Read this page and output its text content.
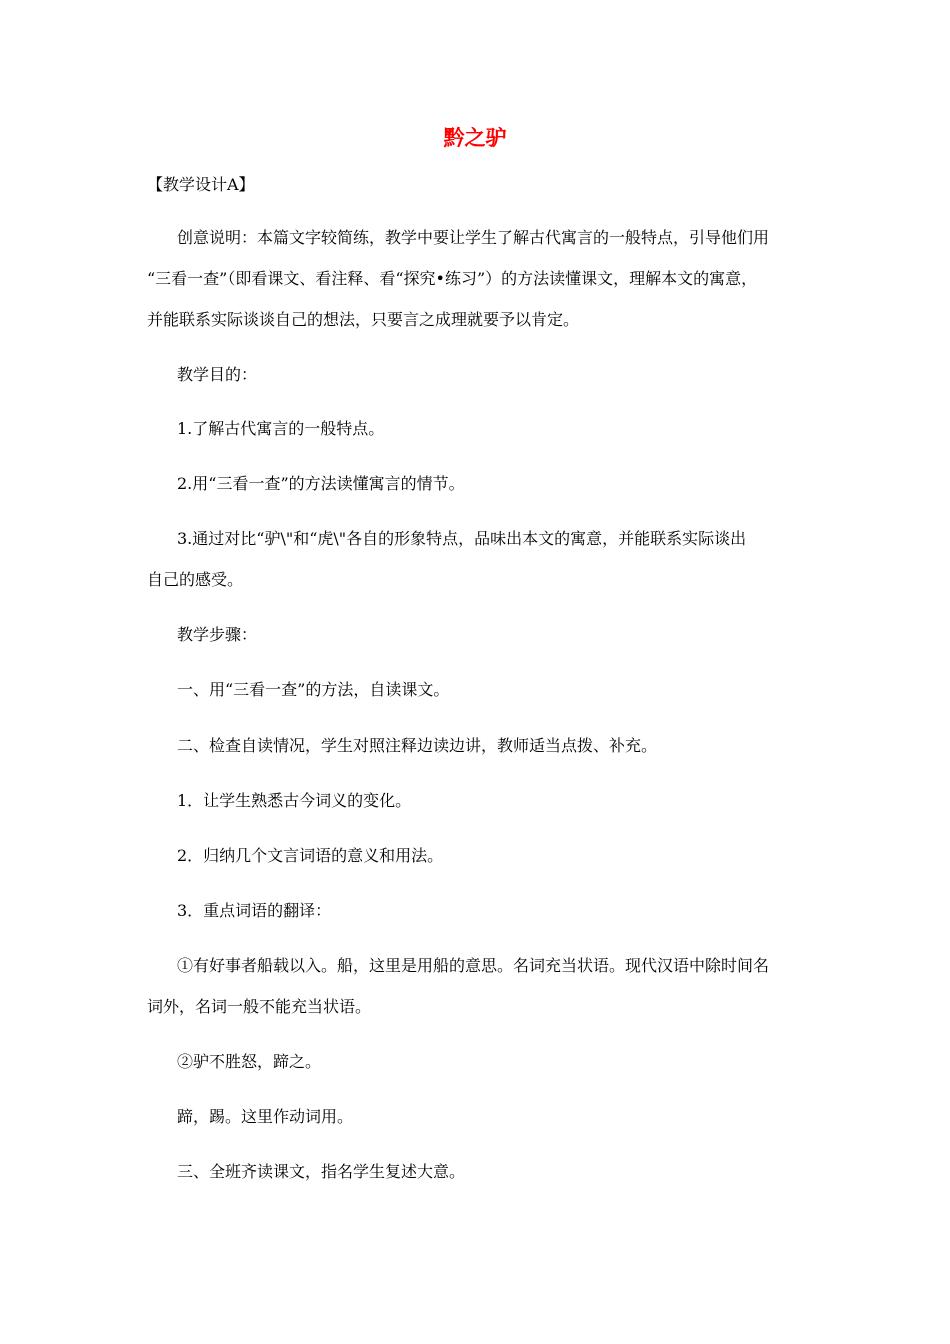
黔之驴
【教学设计A】
创意说明：本篇文字较简练，教学中要让学生了解古代寓言的一般特点，引导他们用
“三看一查”（即看课文、看注释、看“探究•练习”）的方法读懂课文，理解本文的寓意，
并能联系实际谈谈自己的想法，只要言之成理就要予以肯定。
教学目的：
1.了解古代寓言的一般特点。
2.用“三看一查”的方法读懂寓言的情节。
3.通过对比“驴\"和“虎\"各自的形象特点，品味出本文的寓意，并能联系实际谈出
自己的感受。
教学步骤：
一、用“三看一查”的方法，自读课文。
二、检查自读情况，学生对照注释边读边讲，教师适当点拨、补充。
1．让学生熟悉古今词义的变化。
2．归纳几个文言词语的意义和用法。
3．重点词语的翻译：
①有好事者船载以入。船，这里是用船的意思。名词充当状语。现代汉语中除时间名
词外，名词一般不能充当状语。
②驴不胜怒，蹄之。
蹄，踢。这里作动词用。
三、全班齐读课文，指名学生复述大意。
